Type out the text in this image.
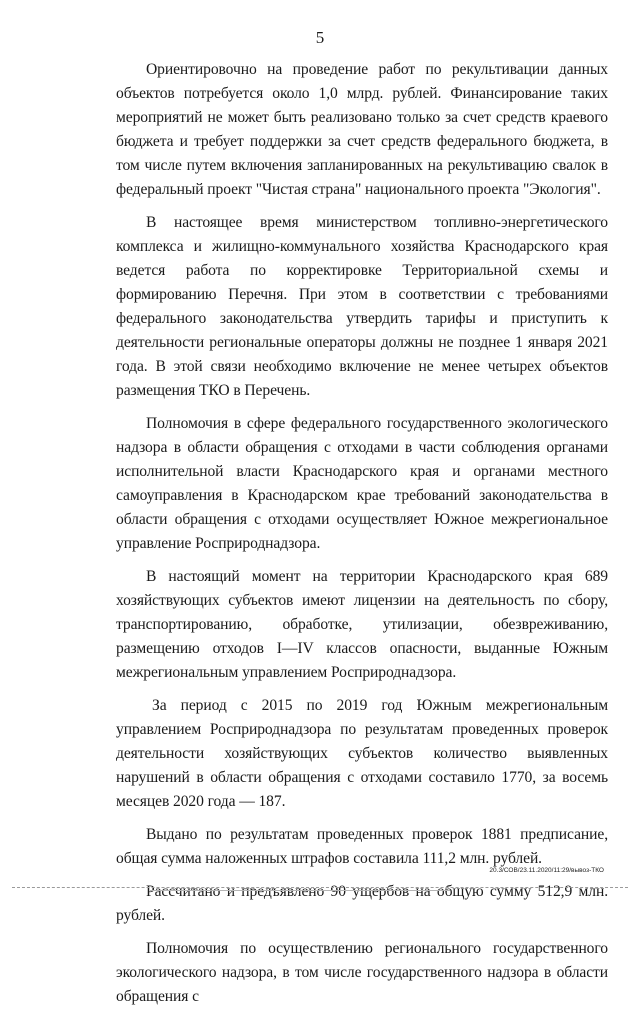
5

Ориентировочно на проведение работ по рекультивации данных объектов потребуется около 1,0 млрд. рублей. Финансирование таких мероприятий не может быть реализовано только за счет средств краевого бюджета и требует поддержки за счет средств федерального бюджета, в том числе путем включения запланированных на рекультивацию свалок в федеральный проект "Чистая страна" национального проекта "Экология".

В настоящее время министерством топливно-энергетического комплекса и жилищно-коммунального хозяйства Краснодарского края ведется работа по корректировке Территориальной схемы и формированию Перечня. При этом в соответствии с требованиями федерального законодательства утвердить тарифы и приступить к деятельности региональные операторы должны не позднее 1 января 2021 года. В этой связи необходимо включение не менее четырех объектов размещения ТКО в Перечень.

Полномочия в сфере федерального государственного экологического надзора в области обращения с отходами в части соблюдения органами исполнительной власти Краснодарского края и органами местного самоуправления в Краснодарском крае требований законодательства в области обращения с отходами осуществляет Южное межрегиональное управление Росприроднадзора.

В настоящий момент на территории Краснодарского края 689 хозяйствующих субъектов имеют лицензии на деятельность по сбору, транспортированию, обработке, утилизации, обезвреживанию, размещению отходов I—IV классов опасности, выданные Южным межрегиональным управлением Росприроднадзора.

За период с 2015 по 2019 год Южным межрегиональным управлением Росприроднадзора по результатам проведенных проверок деятельности хозяйствующих субъектов количество выявленных нарушений в области обращения с отходами составило 1770, за восемь месяцев 2020 года — 187.

Выдано по результатам проведенных проверок 1881 предписание, общая сумма наложенных штрафов составила 111,2 млн. рублей.

Рассчитано и предъявлено 90 ущербов на общую сумму 512,9 млн. рублей.

Полномочия по осуществлению регионального государственного экологического надзора, в том числе государственного надзора в области обращения с

20.3/СОВ/23.11.2020/11:29/вывоз-ТКО
